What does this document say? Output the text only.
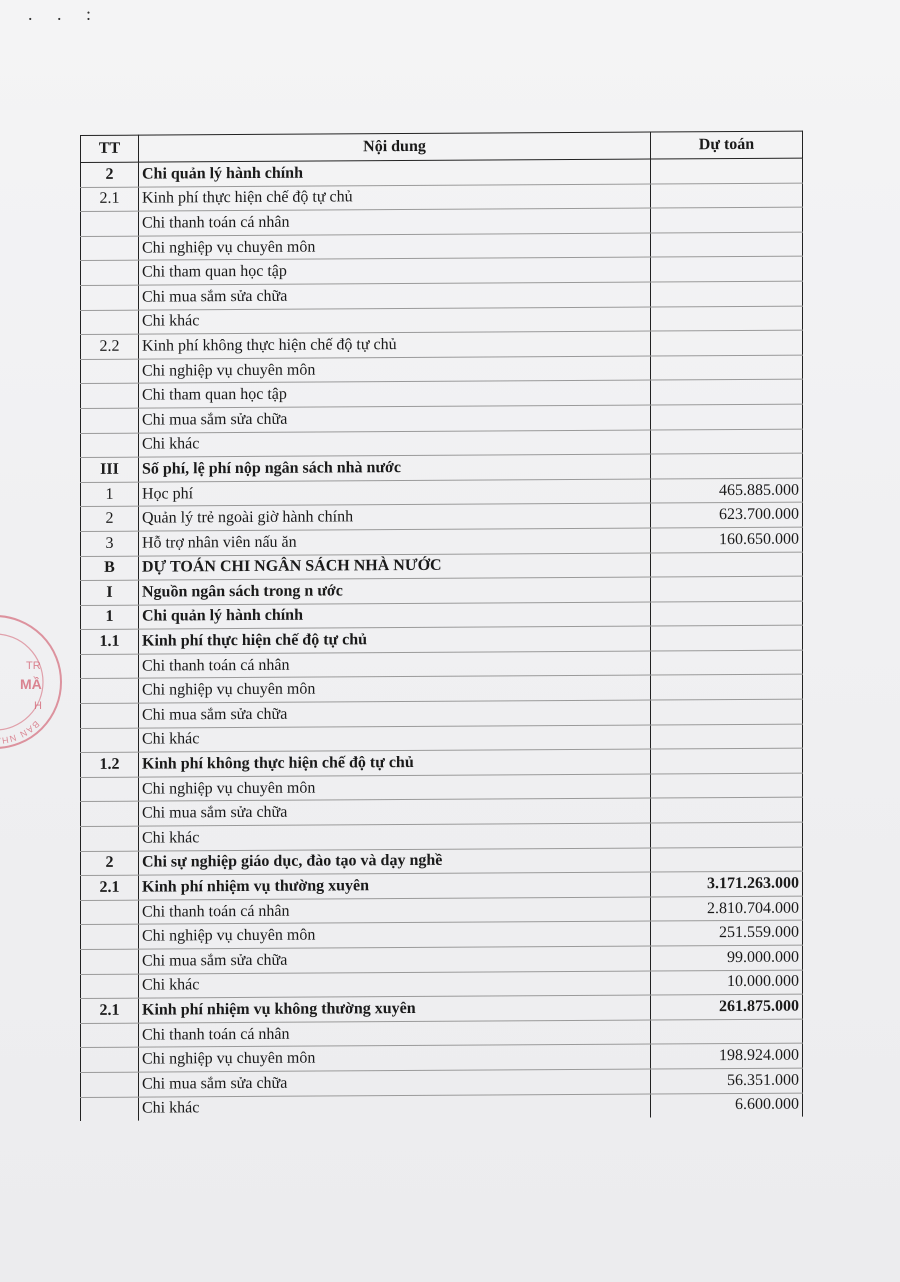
. . :
BAN NH
TR
MẦ
H
TT	Nội dung	Dự toán
2	Chi quản lý hành chính	
2.1	Kinh phí thực hiện chế độ tự chủ	
	Chi thanh toán cá nhân	
	Chi nghiệp vụ chuyên môn	
	Chi tham quan học tập	
	Chi mua sắm sửa chữa	
	Chi khác	
2.2	Kinh phí không thực hiện chế độ tự chủ	
	Chi nghiệp vụ chuyên môn	
	Chi tham quan học tập	
	Chi mua sắm sửa chữa	
	Chi khác	
III	Số phí, lệ phí nộp ngân sách nhà nước	
1	Học phí	465.885.000
2	Quản lý trẻ ngoài giờ hành chính	623.700.000
3	Hỗ trợ nhân viên nấu ăn	160.650.000
B	DỰ TOÁN CHI NGÂN SÁCH NHÀ NƯỚC	
I	Nguồn ngân sách trong n ước	
1	Chi quản lý hành chính	
1.1	Kinh phí thực hiện chế độ tự chủ	
	Chi thanh toán cá nhân	
	Chi nghiệp vụ chuyên môn	
	Chi mua sắm sửa chữa	
	Chi khác	
1.2	Kinh phí không thực hiện chế độ tự chủ	
	Chi nghiệp vụ chuyên môn	
	Chi mua sắm sửa chữa	
	Chi khác	
2	Chi sự nghiệp giáo dục, đào tạo và dạy nghề	
2.1	Kinh phí nhiệm vụ thường xuyên	3.171.263.000
	Chi thanh toán cá nhân	2.810.704.000
	Chi nghiệp vụ chuyên môn	251.559.000
	Chi mua sắm sửa chữa	99.000.000
	Chi khác	10.000.000
2.1	Kinh phí nhiệm vụ không thường xuyên	261.875.000
	Chi thanh toán cá nhân	
	Chi nghiệp vụ chuyên môn	198.924.000
	Chi mua sắm sửa chữa	56.351.000
	Chi khác	6.600.000
